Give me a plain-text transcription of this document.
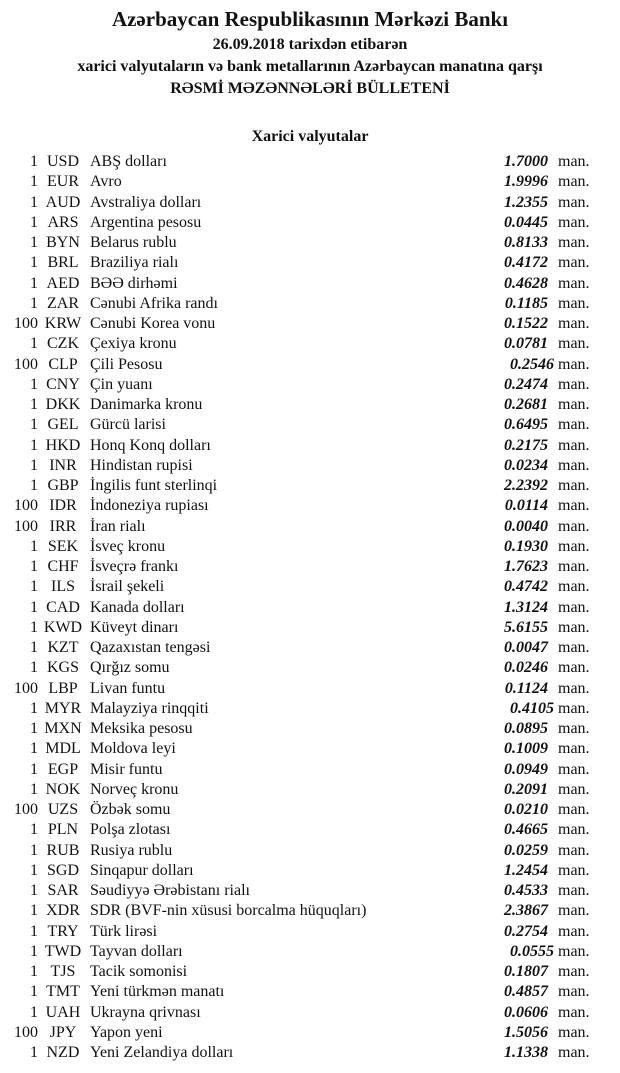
Azərbaycan Respublikasının Mərkəzi Bankı
26.09.2018 tarixdən etibarən
xarici valyutaların və bank metallarının Azərbaycan manatına qarşı
RƏSMİ MƏZƏNNƏLƏRİ BÜLLETENİ
Xarici valyutalar
1 USD ABŞ dolları	1.7000 man.
1 EUR Avro	1.9996 man.
1 AUD Avstraliya dolları	1.2355 man.
1 ARS Argentina pesosu	0.0445 man.
1 BYN Belarus rublu	0.8133 man.
1 BRL Braziliya rialı	0.4172 man.
1 AED BƏƏ dirhəmi	0.4628 man.
1 ZAR Cənubi Afrika randı	0.1185 man.
100 KRW Cənubi Korea vonu	0.1522 man.
1 CZK Çexiya kronu	0.0781 man.
100 CLP Çili Pesosu	0.2546 man.
1 CNY Çin yuanı	0.2474 man.
1 DKK Danimarka kronu	0.2681 man.
1 GEL Gürcü larisi	0.6495 man.
1 HKD Honq Konq dolları	0.2175 man.
1 INR Hindistan rupisi	0.0234 man.
1 GBP İngilis funt sterlinqi	2.2392 man.
100 IDR İndoneziya rupiası	0.0114 man.
100 IRR İran rialı	0.0040 man.
1 SEK İsveç kronu	0.1930 man.
1 CHF İsveçrə frankı	1.7623 man.
1 ILS İsrail şekeli	0.4742 man.
1 CAD Kanada dolları	1.3124 man.
1 KWD Küveyt dinarı	5.6155 man.
1 KZT Qazaxıstan tengəsi	0.0047 man.
1 KGS Qırğız somu	0.0246 man.
100 LBP Livan funtu	0.1124 man.
1 MYR Malayziya rinqqiti	0.4105 man.
1 MXN Meksika pesosu	0.0895 man.
1 MDL Moldova leyi	0.1009 man.
1 EGP Misir funtu	0.0949 man.
1 NOK Norveç kronu	0.2091 man.
100 UZS Özbək somu	0.0210 man.
1 PLN Polşa zlotası	0.4665 man.
1 RUB Rusiya rublu	0.0259 man.
1 SGD Sinqapur dolları	1.2454 man.
1 SAR Səudiyyə Ərəbistanı rialı	0.4533 man.
1 XDR SDR (BVF-nin xüsusi borcalma hüquqları)	2.3867 man.
1 TRY Türk lirəsi	0.2754 man.
1 TWD Tayvan dolları	0.0555 man.
1 TJS Tacik somonisi	0.1807 man.
1 TMT Yeni türkmən manatı	0.4857 man.
1 UAH Ukrayna qrivnası	0.0606 man.
100 JPY Yapon yeni	1.5056 man.
1 NZD Yeni Zelandiya dolları	1.1338 man.
